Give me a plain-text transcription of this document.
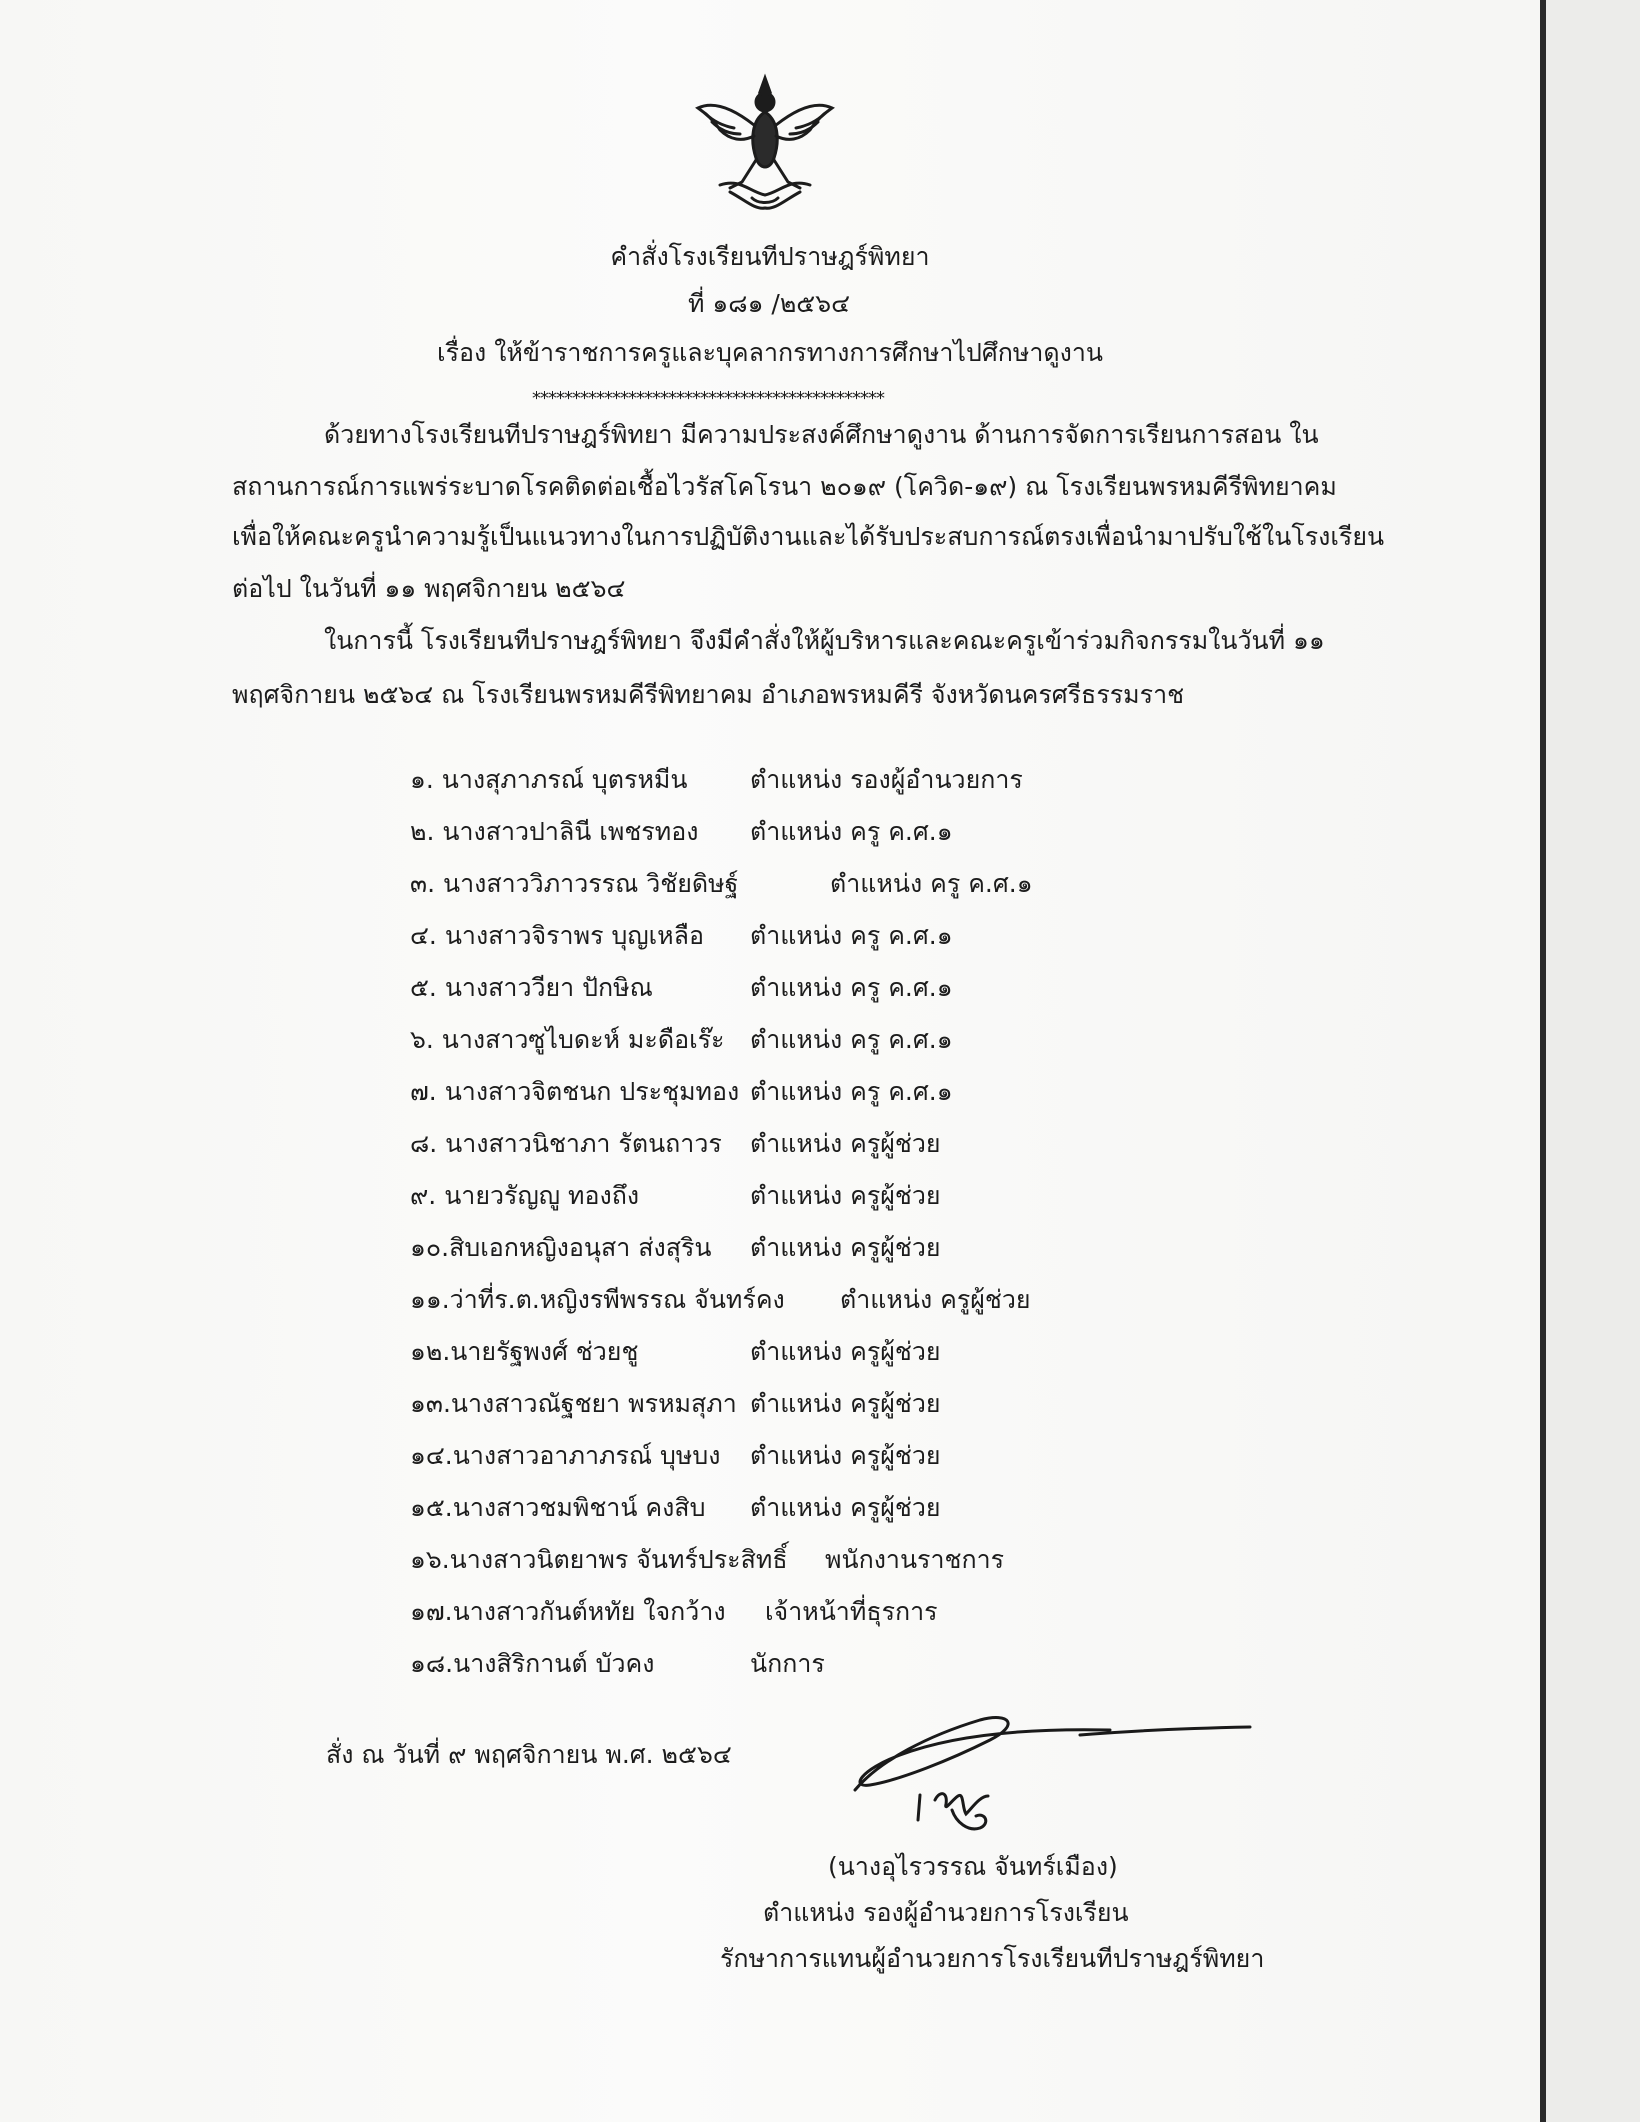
คำสั่งโรงเรียนทีปราษฎร์พิทยา
ที่ ๑๘๑ /๒๕๖๔
เรื่อง ให้ข้าราชการครูและบุคลากรทางการศึกษาไปศึกษาดูงาน
********************************************
ด้วยทางโรงเรียนทีปราษฎร์พิทยา มีความประสงค์ศึกษาดูงาน ด้านการจัดการเรียนการสอน ใน
สถานการณ์การแพร่ระบาดโรคติดต่อเชื้อไวรัสโคโรนา ๒๐๑๙ (โควิด-๑๙) ณ โรงเรียนพรหมคีรีพิทยาคม
เพื่อให้คณะครูนำความรู้เป็นแนวทางในการปฏิบัติงานและได้รับประสบการณ์ตรงเพื่อนำมาปรับใช้ในโรงเรียน
ต่อไป ในวันที่ ๑๑ พฤศจิกายน ๒๕๖๔
ในการนี้ โรงเรียนทีปราษฎร์พิทยา จึงมีคำสั่งให้ผู้บริหารและคณะครูเข้าร่วมกิจกรรมในวันที่ ๑๑
พฤศจิกายน ๒๕๖๔ ณ โรงเรียนพรหมคีรีพิทยาคม อำเภอพรหมคีรี จังหวัดนครศรีธรรมราช
๑. นางสุภาภรณ์ บุตรหมีน ตำแหน่ง รองผู้อำนวยการ
๒. นางสาวปาลินี เพชรทอง ตำแหน่ง ครู ค.ศ.๑
๓. นางสาววิภาวรรณ วิชัยดิษฐ์	ตำแหน่ง ครู ค.ศ.๑
๔. นางสาวจิราพร บุญเหลือ ตำแหน่ง ครู ค.ศ.๑
๕. นางสาววียา ปักษิณ	ตำแหน่ง ครู ค.ศ.๑
๖. นางสาวซูไบดะห์ มะดือเร๊ะ ตำแหน่ง ครู ค.ศ.๑
๗. นางสาวจิตชนก ประชุมทอง ตำแหน่ง ครู ค.ศ.๑
๘. นางสาวนิชาภา รัตนถาวร ตำแหน่ง ครูผู้ช่วย
๙. นายวรัญญู ทองถึง	ตำแหน่ง ครูผู้ช่วย
๑๐.สิบเอกหญิงอนุสา ส่งสุริน ตำแหน่ง ครูผู้ช่วย
๑๑.ว่าที่ร.ต.หญิงรพีพรรณ จันทร์คง ตำแหน่ง ครูผู้ช่วย
๑๒.นายรัฐพงศ์ ช่วยชู	ตำแหน่ง ครูผู้ช่วย
๑๓.นางสาวณัฐชยา พรหมสุภา ตำแหน่ง ครูผู้ช่วย
๑๔.นางสาวอาภาภรณ์ บุษบง ตำแหน่ง ครูผู้ช่วย
๑๕.นางสาวชมพิชาน์ คงสิบ ตำแหน่ง ครูผู้ช่วย
๑๖.นางสาวนิตยาพร จันทร์ประสิทธิ์ พนักงานราชการ
๑๗.นางสาวกันต์หทัย ใจกว้าง เจ้าหน้าที่ธุรการ
๑๘.นางสิริกานต์ บัวคง	นักการ
สั่ง ณ วันที่ ๙ พฤศจิกายน พ.ศ. ๒๕๖๔
(นางอุไรวรรณ จันทร์เมือง)
ตำแหน่ง รองผู้อำนวยการโรงเรียน
รักษาการแทนผู้อำนวยการโรงเรียนทีปราษฎร์พิทยา
